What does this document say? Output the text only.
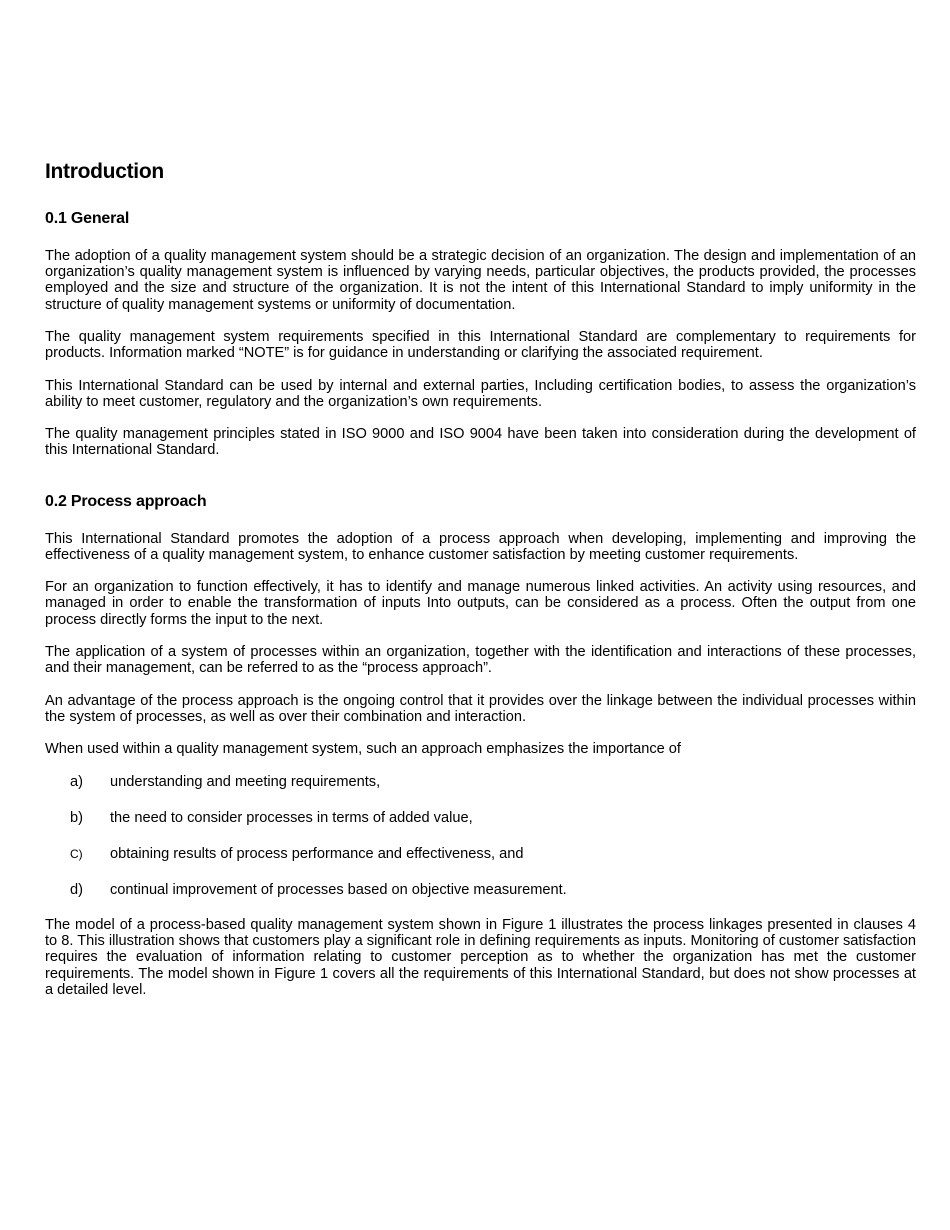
Introduction
0.1 General

The adoption of a quality management system should be a strategic decision of an organization. The design and implementation of an organization’s quality management system is influenced by varying needs, particular objectives, the products provided, the processes employed and the size and structure of the organization. It is not the intent of this International Standard to imply uniformity in the structure of quality management systems or uniformity of documentation.

The quality management system requirements specified in this International Standard are complementary to requirements for products. Information marked “NOTE” is for guidance in understanding or clarifying the associated requirement.

This International Standard can be used by internal and external parties, Including certification bodies, to assess the organization’s ability to meet customer, regulatory and the organization’s own requirements.

The quality management principles stated in ISO 9000 and ISO 9004 have been taken into consideration during the development of this International Standard.

0.2 Process approach

This International Standard promotes the adoption of a process approach when developing, implementing and improving the effectiveness of a quality management system, to enhance customer satisfaction by meeting customer requirements.

For an organization to function effectively, it has to identify and manage numerous linked activities. An activity using resources, and managed in order to enable the transformation of inputs Into outputs, can be considered as a process. Often the output from one process directly forms the input to the next.

The application of a system of processes within an organization, together with the identification and interactions of these processes, and their management, can be referred to as the “process approach”.

An advantage of the process approach is the ongoing control that it provides over the linkage between the individual processes within the system of processes, as well as over their combination and interaction.

When used within a quality management system, such an approach emphasizes the importance of

a)	understanding and meeting requirements,
b)	the need to consider processes in terms of added value,
C)	obtaining results of process performance and effectiveness, and
d)	continual improvement of processes based on objective measurement.

The model of a process-based quality management system shown in Figure 1 illustrates the process linkages presented in clauses 4 to 8. This illustration shows that customers play a significant role in defining requirements as inputs. Monitoring of customer satisfaction requires the evaluation of information relating to customer perception as to whether the organization has met the customer requirements. The model shown in Figure 1 covers all the requirements of this International Standard, but does not show processes at a detailed level.
